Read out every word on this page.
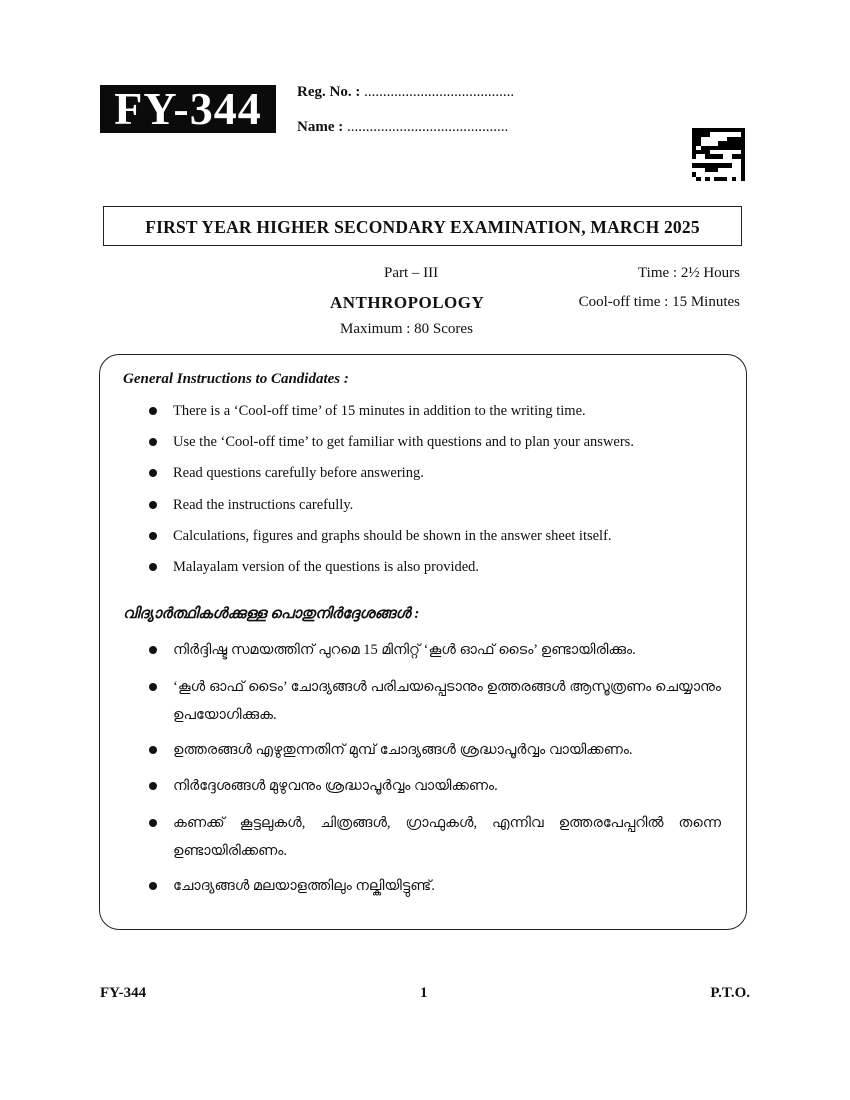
FY-344	Reg. No. : ........................................
Name : ...........................................
FIRST YEAR HIGHER SECONDARY EXAMINATION, MARCH 2025
Part – III	Time : 2½ Hours
ANTHROPOLOGY	Cool-off time : 15 Minutes
Maximum : 80 Scores
General Instructions to Candidates :
There is a ‘Cool-off time’ of 15 minutes in addition to the writing time.
Use the ‘Cool-off time’ to get familiar with questions and to plan your answers.
Read questions carefully before answering.
Read the instructions carefully.
Calculations, figures and graphs should be shown in the answer sheet itself.
Malayalam version of the questions is also provided.
വിദ്യാർത്ഥികൾക്കുള്ള പൊതുനിർദ്ദേശങ്ങൾ :
നിർദ്ദിഷ്ട സമയത്തിന് പുറമെ 15 മിനിറ്റ് ‘കൂൾ ഓഫ് ടൈം’ ഉണ്ടായിരിക്കും.
‘കൂൾ ഓഫ് ടൈം’ ചോദ്യങ്ങൾ പരിചയപ്പെടാനും ഉത്തരങ്ങൾ ആസൂത്രണം ചെയ്യാനും ഉപയോഗിക്കുക.
ഉത്തരങ്ങൾ എഴുതുന്നതിന് മുമ്പ് ചോദ്യങ്ങൾ ശ്രദ്ധാപൂർവ്വം വായിക്കണം.
നിർദ്ദേശങ്ങൾ മുഴുവനും ശ്രദ്ധാപൂർവ്വം വായിക്കണം.
കണക്ക് കൂട്ടലുകൾ, ചിത്രങ്ങൾ, ഗ്രാഫുകൾ, എന്നിവ ഉത്തരപേപ്പറിൽ തന്നെ ഉണ്ടായിരിക്കണം.
ചോദ്യങ്ങൾ മലയാളത്തിലും നല്കിയിട്ടുണ്ട്.
FY-344	1	P.T.O.
